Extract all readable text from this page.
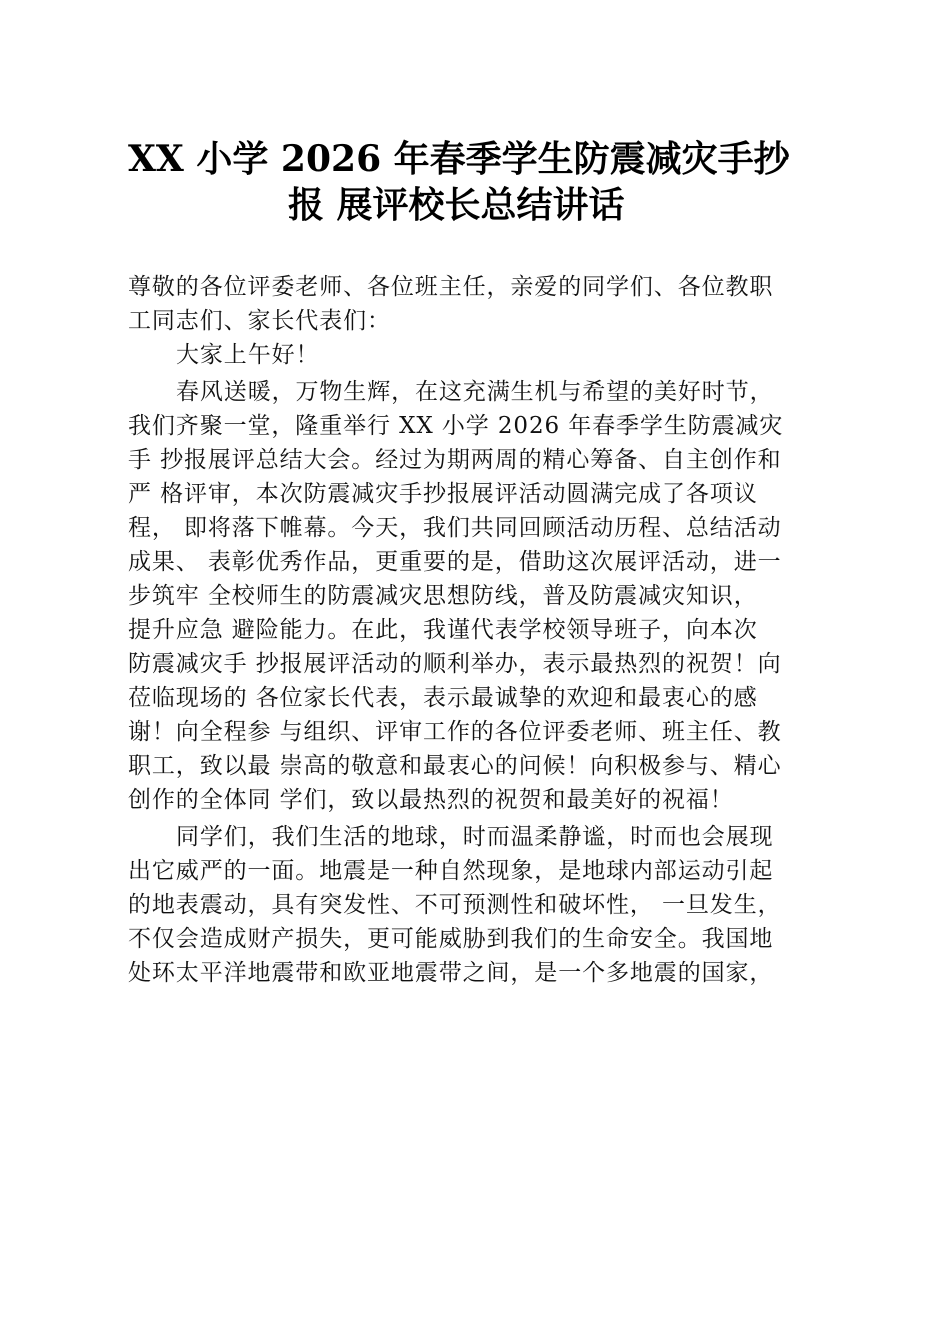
XX 小学 2026 年春季学生防震减灾手抄
报 展评校长总结讲话
尊敬的各位评委老师、各位班主任，亲爱的同学们、各位教职
工同志们、家长代表们：
大家上午好！
春风送暖，万物生辉，在这充满生机与希望的美好时节，
我们齐聚一堂，隆重举行 XX 小学 2026 年春季学生防震减灾
手 抄报展评总结大会。经过为期两周的精心筹备、自主创作和
严 格评审，本次防震减灾手抄报展评活动圆满完成了各项议
程， 即将落下帷幕。今天，我们共同回顾活动历程、总结活动
成果、 表彰优秀作品，更重要的是，借助这次展评活动，进一
步筑牢 全校师生的防震减灾思想防线，普及防震减灾知识，
提升应急 避险能力。在此，我谨代表学校领导班子，向本次
防震减灾手 抄报展评活动的顺利举办，表示最热烈的祝贺！向
莅临现场的 各位家长代表，表示最诚挚的欢迎和最衷心的感
谢！向全程参 与组织、评审工作的各位评委老师、班主任、教
职工，致以最 崇高的敬意和最衷心的问候！向积极参与、精心
创作的全体同 学们，致以最热烈的祝贺和最美好的祝福！
同学们，我们生活的地球，时而温柔静谧，时而也会展现
出它威严的一面。地震是一种自然现象，是地球内部运动引起
的地表震动，具有突发性、不可预测性和破坏性， 一旦发生，
不仅会造成财产损失，更可能威胁到我们的生命安全。我国地
处环太平洋地震带和欧亚地震带之间，是一个多地震的国家，
